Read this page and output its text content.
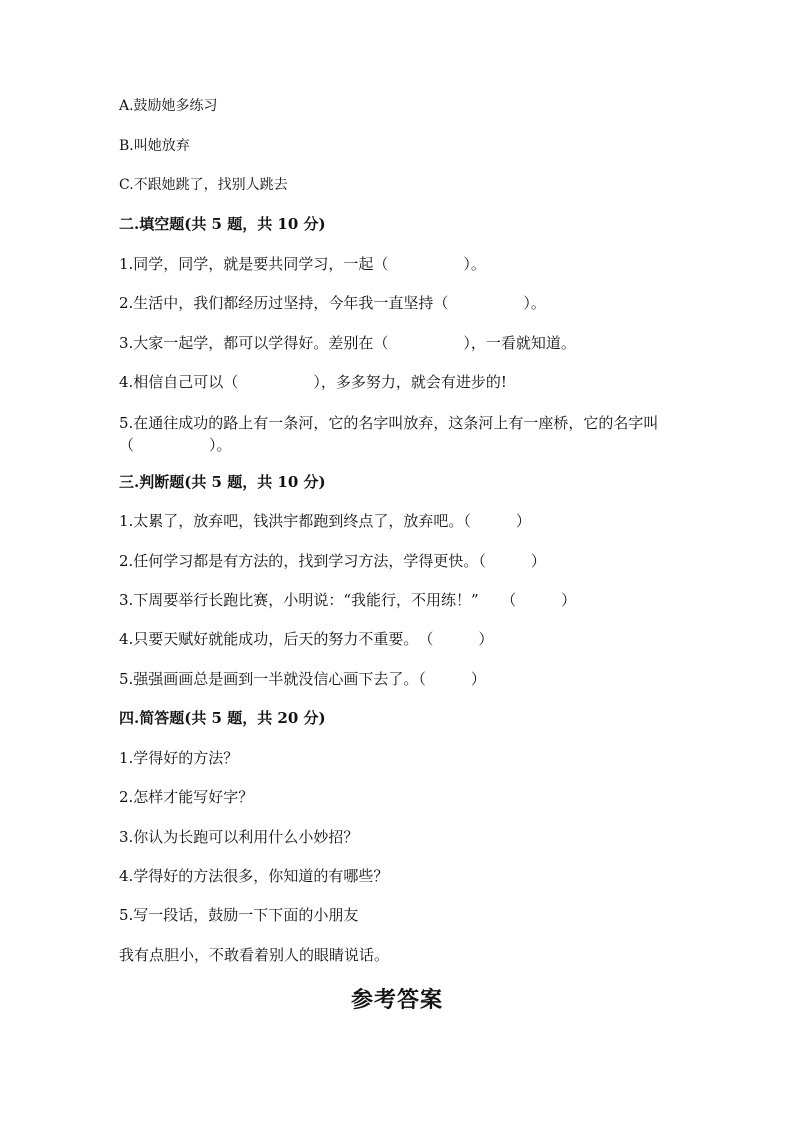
A.鼓励她多练习
B.叫她放弃
C.不跟她跳了，找别人跳去
二.填空题(共 5 题，共 10 分)
1.同学，同学，就是要共同学习，一起（　　　　　）。
2.生活中，我们都经历过坚持，今年我一直坚持（　　　　　）。
3.大家一起学，都可以学得好。差别在（　　　　　），一看就知道。
4.相信自己可以（　　　　　），多多努力，就会有进步的!
5.在通往成功的路上有一条河，它的名字叫放弃，这条河上有一座桥，它的名字叫（　　　　　）。
三.判断题(共 5 题，共 10 分)
1.太累了，放弃吧，钱洪宇都跑到终点了，放弃吧。（　　　）
2.任何学习都是有方法的，找到学习方法，学得更快。（　　　）
3.下周要举行长跑比赛，小明说：“我能行，不用练！”　　（　　　）
4.只要天赋好就能成功，后天的努力不重要。　（　　　）
5.强强画画总是画到一半就没信心画下去了。（　　　）
四.简答题(共 5 题，共 20 分)
1.学得好的方法？
2.怎样才能写好字？
3.你认为长跑可以利用什么小妙招？
4.学得好的方法很多，你知道的有哪些？
5.写一段话，鼓励一下下面的小朋友
我有点胆小，不敢看着别人的眼睛说话。
参考答案
